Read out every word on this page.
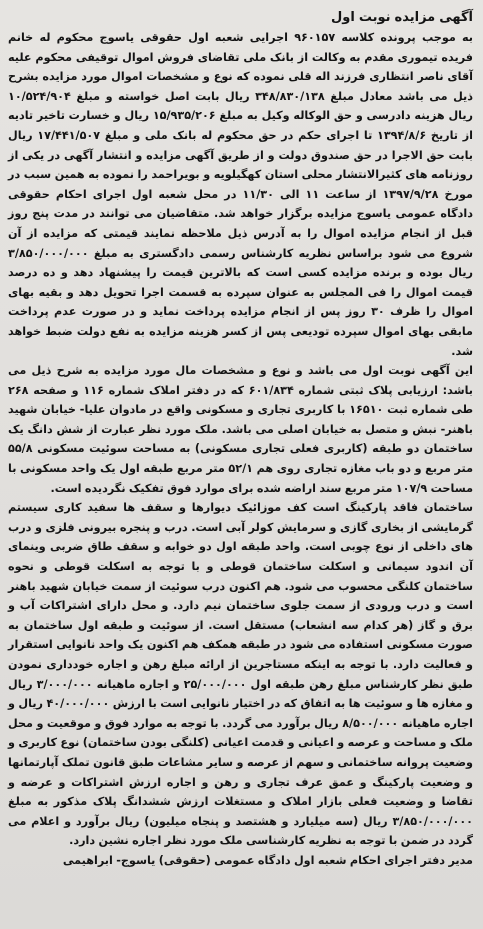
آگهی مزایده نوبت اول

به موجب پرونده کلاسه ۹۶۰۱۵۷ اجرایی شعبه اول حقوقی یاسوج محکوم له خانم فریده تیموری مقدم به وکالت از بانک ملی تقاضای فروش اموال توقیفی محکوم علیه آقای ناصر انتظاری فرزند اله قلی نموده که نوع و مشخصات اموال مورد مزایده بشرح ذیل می باشد معادل مبلغ ۳۴۸/۸۳۰/۱۳۸ ریال بابت اصل خواسته و مبلغ ۱۰/۵۲۴/۹۰۴ ریال هزینه دادرسی و حق الوکاله وکیل به مبلغ ۱۵/۹۳۵/۲۰۶ ریال و خسارت تاخیر تادیه از تاریخ ۱۳۹۴/۸/۶ تا اجرای حکم در حق محکوم له بانک ملی و مبلغ ۱۷/۴۴۱/۵۰۷ ریال بابت حق الاجرا در حق صندوق دولت و از طریق آگهی مزایده و انتشار آگهی در یکی از روزنامه های کثیرالانتشار محلی استان کهگیلویه و بویراحمد را نموده به همین سبب در مورخ ۱۳۹۷/۹/۲۸ از ساعت ۱۱ الی ۱۱/۳۰ در محل شعبه اول اجرای احکام حقوقی دادگاه عمومی یاسوج مزایده برگزار خواهد شد. متقاضیان می توانند در مدت پنج روز قبل از انجام مزایده اموال را به آدرس ذیل ملاحظه نمایند قیمتی که مزایده از آن شروع می شود براساس نظریه کارشناس رسمی دادگستری به مبلغ ۳/۸۵۰/۰۰۰/۰۰۰ ریال بوده و برنده مزایده کسی است که بالاترین قیمت را پیشنهاد دهد و ده درصد قیمت اموال را فی المجلس به عنوان سپرده به قسمت اجرا تحویل دهد و بقیه بهای اموال را ظرف ۳۰ روز پس از انجام مزایده پرداخت نماید و در صورت عدم پرداخت مابقی بهای اموال سپرده تودیعی پس از کسر هزینه مزایده به نفع دولت ضبط خواهد شد.

این آگهی نوبت اول می باشد و نوع و مشخصات مال مورد مزایده به شرح ذیل می باشد: ارزیابی پلاک ثبتی شماره ۶۰۱/۸۳۴ که در دفتر املاک شماره ۱۱۶ و صفحه ۲۶۸ طی شماره ثبت ۱۶۵۱۰ با کاربری تجاری و مسکونی واقع در مادوان علیا- خیابان شهید باهنر- نبش و متصل به خیابان اصلی می باشد. ملک مورد نظر عبارت از شش دانگ یک ساختمان دو طبقه (کاربری فعلی تجاری مسکونی) به مساحت سوئیت مسکونی ۵۵/۸ متر مربع و دو باب مغازه تجاری روی هم ۵۲/۱ متر مربع طبقه اول یک واحد مسکونی با مساحت ۱۰۷/۹ متر مربع سند اراضه شده برای موارد فوق تفکیک نگردیده است.

ساختمان فاقد پارکینگ است کف موزائیک دیوارها و سقف ها سفید کاری سیستم گرمایشی از بخاری گازی و سرمایش کولر آبی است. درب و پنجره بیرونی فلزی و درب های داخلی از نوع چوبی است. واحد طبقه اول دو خوابه و سقف طاق ضربی وینمای آن اندود سیمانی و اسکلت ساختمان قوطی و با توجه به اسکلت قوطی و نحوه ساختمان کلنگی محسوب می شود. هم اکنون درب سوئیت از سمت خیابان شهید باهنر است و درب ورودی از سمت جلوی ساختمان نیم دارد. و محل دارای اشتراکات آب و برق و گاز (هر کدام سه انشعاب) مستقل است. از سوئیت و طبقه اول ساختمان به صورت مسکونی استفاده می شود در طبقه همکف هم اکنون یک واحد نانوایی استقرار و فعالیت دارد. با توجه به اینکه مستاجرین از ارائه مبلغ رهن و اجاره خودداری نمودن طبق نظر کارشناس مبلغ رهن طبقه اول ۲۵/۰۰۰/۰۰۰ و اجاره ماهیانه ۳/۰۰۰/۰۰۰ ریال و مغازه ها و سوئیت ها به اتفاق که در اختیار نانوایی است با ارزش ۴۰/۰۰۰/۰۰۰ ریال و اجاره ماهیانه ۸/۵۰۰/۰۰۰ ریال برآورد می گردد. با توجه به موارد فوق و موقعیت و محل ملک و مساحت و عرصه و اعیانی و قدمت اعیانی (کلنگی بودن ساختمان) نوع کاربری و وضعیت پروانه ساختمانی و سهم از عرصه و سایر مشاعات طبق قانون تملک آپارتمانها و وضعیت پارکینگ و عمق عرف تجاری و رهن و اجاره ارزش اشتراکات و عرضه و تقاضا و وضعیت فعلی بازار املاک و مستغلات ارزش ششدانگ پلاک مذکور به مبلغ ۳/۸۵۰/۰۰۰/۰۰۰ ریال (سه میلیارد و هشتصد و پنجاه میلیون) ریال برآورد و اعلام می گردد در ضمن با توجه به نظریه کارشناسی ملک مورد نظر اجاره نشین دارد.

مدیر دفتر اجرای احکام شعبه اول دادگاه عمومی (حقوقی) یاسوج- ابراهیمی
